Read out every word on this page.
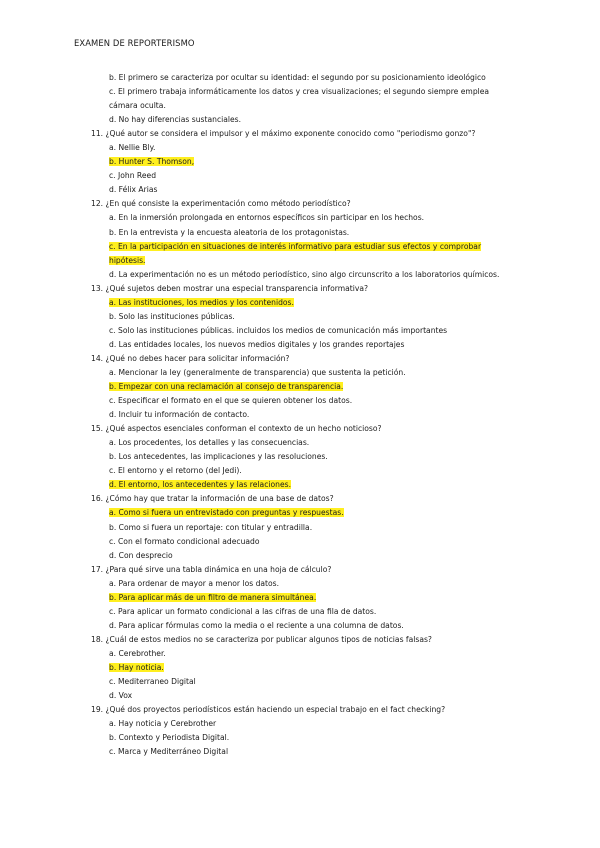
EXAMEN DE REPORTERISMO
b. El primero se caracteriza por ocultar su identidad: el segundo por su posicionamiento ideológico
c. El primero trabaja informáticamente los datos y crea visualizaciones; el segundo siempre emplea
cámara oculta.
d. No hay diferencias sustanciales.
11. ¿Qué autor se considera el impulsor y el máximo exponente conocido como "periodismo gonzo"?
a. Nellie Bly.
b. Hunter S. Thomson,
c. John Reed
d. Félix Arias
12. ¿En qué consiste la experimentación como método periodístico?
a. En la inmersión prolongada en entornos específicos sin participar en los hechos.
b. En la entrevista y la encuesta aleatoria de los protagonistas.
c. En la participación en situaciones de interés informativo para estudiar sus efectos y comprobar
hipótesis.
d. La experimentación no es un método periodístico, sino algo circunscrito a los laboratorios químicos.
13. ¿Qué sujetos deben mostrar una especial transparencia informativa?
a. Las instituciones, los medios y los contenidos.
b. Solo las instituciones públicas.
c. Solo las instituciones públicas. incluidos los medios de comunicación más importantes
d. Las entidades locales, los nuevos medios digitales y los grandes reportajes
14. ¿Qué no debes hacer para solicitar información?
a. Mencionar la ley (generalmente de transparencia) que sustenta la petición.
b. Empezar con una reclamación al consejo de transparencia.
c. Especificar el formato en el que se quieren obtener los datos.
d. Incluir tu información de contacto.
15. ¿Qué aspectos esenciales conforman el contexto de un hecho noticioso?
a. Los procedentes, los detalles y las consecuencias.
b. Los antecedentes, las implicaciones y las resoluciones.
c. El entorno y el retorno (del Jedi).
d. El entorno, los antecedentes y las relaciones.
16. ¿Cómo hay que tratar la información de una base de datos?
a. Como si fuera un entrevistado con preguntas y respuestas.
b. Como si fuera un reportaje: con titular y entradilla.
c. Con el formato condicional adecuado
d. Con desprecio
17. ¿Para qué sirve una tabla dinámica en una hoja de cálculo?
a. Para ordenar de mayor a menor los datos.
b. Para aplicar más de un filtro de manera simultánea.
c. Para aplicar un formato condicional a las cifras de una fila de datos.
d. Para aplicar fórmulas como la media o el reciente a una columna de datos.
18. ¿Cuál de estos medios no se caracteriza por publicar algunos tipos de noticias falsas?
a. Cerebrother.
b. Hay noticia.
c. Mediterraneo Digital
d. Vox
19. ¿Qué dos proyectos periodísticos están haciendo un especial trabajo en el fact checking?
a. Hay noticia y Cerebrother
b. Contexto y Periodista Digital.
c. Marca y Mediterráneo Digital
